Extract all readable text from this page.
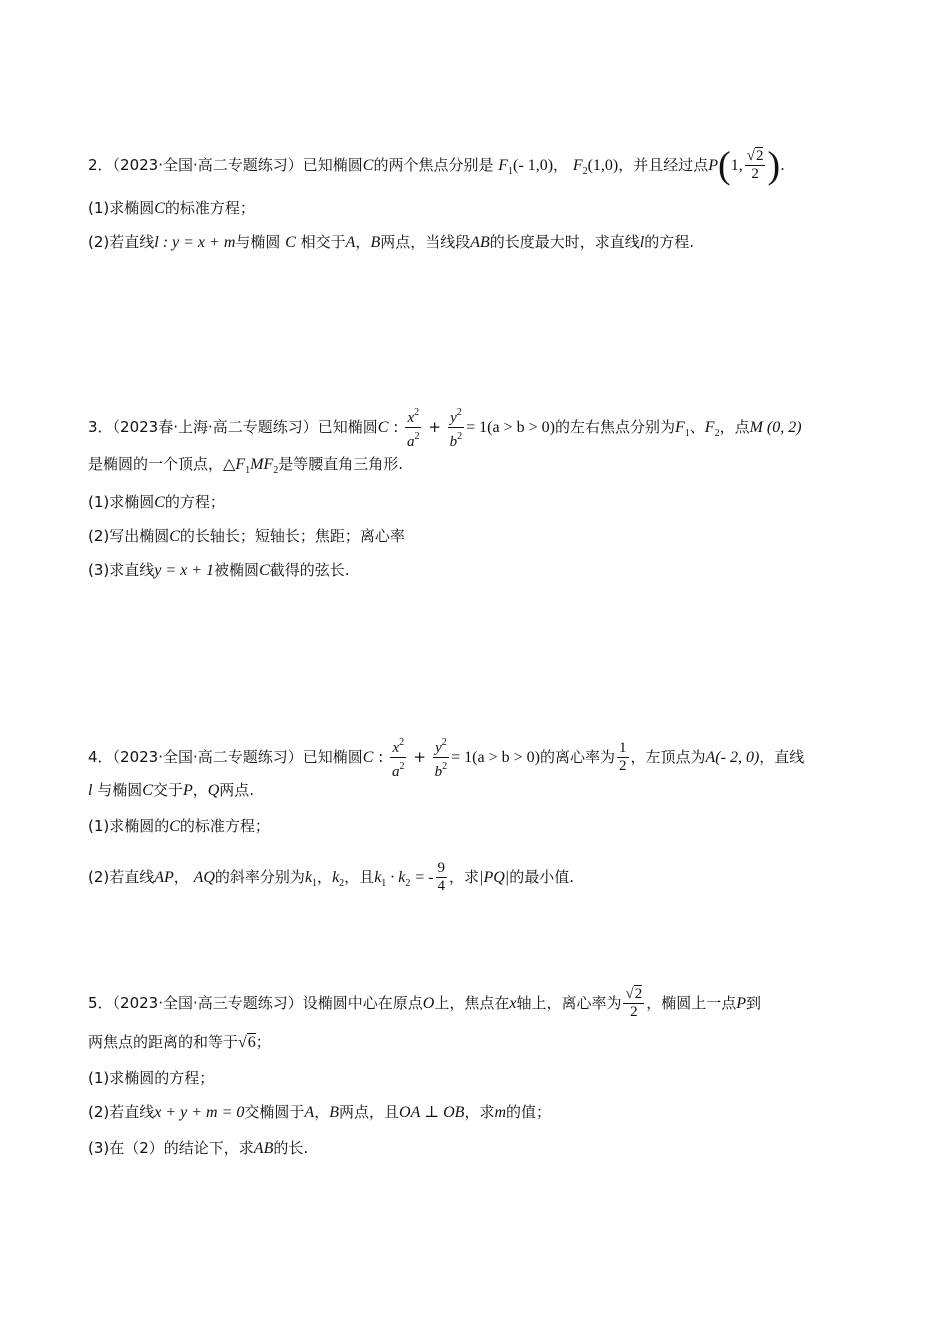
2．（2023·全国·高二专题练习）已知椭圆C的两个焦点分别是 $F_1(-$ 1,0)， $F_2(1,0)$，并且经过点P(1, $\frac{√2}{2}$ ).
(1)求椭圆C的标准方程；
(2)若直线l : y = x + m与椭圆 C 相交于A，B两点，当线段AB的长度最大时，求直线l的方程.
3．（2023春·上海·高二专题练习）已知椭圆C : $\frac{x^2}{a^2} + \frac{y^2}{b^2} = 1(a > b > 0)$的左右焦点分别为$F_1$、$F_2$，点M (0, 2)
是椭圆的一个顶点，$\triangle F_1MF_2$是等腰直角三角形.
(1)求椭圆C的方程；
(2)写出椭圆C的长轴长；短轴长；焦距；离心率
(3)求直线y = x + 1被椭圆C截得的弦长.
4．（2023·全国·高二专题练习）已知椭圆C : $\frac{x^2}{a^2} + \frac{y^2}{b^2} = 1(a > b > 0)$的离心率为 $\frac{1}{2}$ ，左顶点为A(- 2, 0)，直线
l 与椭圆C交于P，Q两点.
(1)求椭圆的C的标准方程；
(2)若直线AP， AQ的斜率分别为$k_1$，$k_2$，且$k_1 \cdot k_2$ = - $\frac{9}{4}$ ，求|PQ|的最小值.
5．（2023·全国·高三专题练习）设椭圆中心在原点O上，焦点在x轴上，离心率为 $\frac{√2}{2}$ ，椭圆上一点P到
两焦点的距离的和等于√6；
(1)求椭圆的方程；
(2)若直线x + y + m = 0交椭圆于A，B两点，且OA ⊥ OB，求m的值；
(3)在（2）的结论下，求AB的长.
